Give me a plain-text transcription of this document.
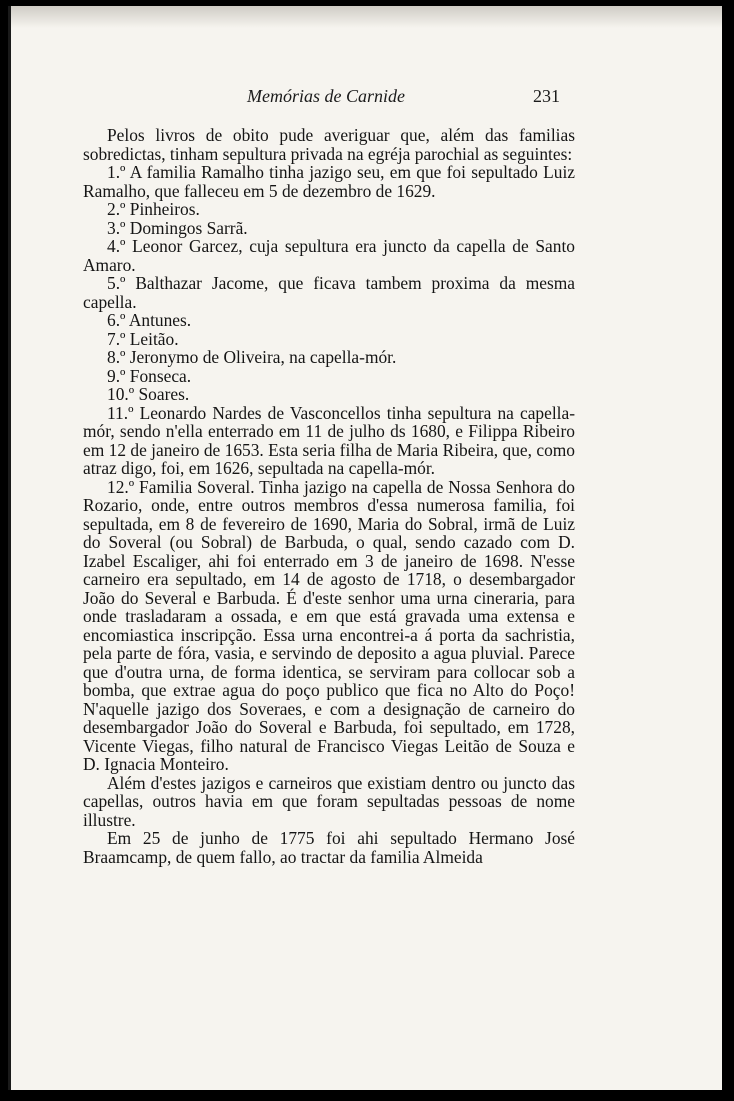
Memórias de Carnide	231

Pelos livros de obito pude averiguar que, além das familias sobredictas, tinham sepultura privada na egréja parochial as seguintes:

1.º A familia Ramalho tinha jazigo seu, em que foi sepultado Luiz Ramalho, que falleceu em 5 de dezembro de 1629.

2.º Pinheiros.

3.º Domingos Sarrã.

4.º Leonor Garcez, cuja sepultura era juncto da capella de Santo Amaro.

5.º Balthazar Jacome, que ficava tambem proxima da mesma capella.

6.º Antunes.

7.º Leitão.

8.º Jeronymo de Oliveira, na capella-mór.

9.º Fonseca.

10.º Soares.

11.º Leonardo Nardes de Vasconcellos tinha sepultura na capella-mór, sendo n'ella enterrado em 11 de julho ds 1680, e Filippa Ribeiro em 12 de janeiro de 1653. Esta seria filha de Maria Ribeira, que, como atraz digo, foi, em 1626, sepultada na capella-mór.

12.º Familia Soveral. Tinha jazigo na capella de Nossa Senhora do Rozario, onde, entre outros membros d'essa numerosa familia, foi sepultada, em 8 de fevereiro de 1690, Maria do Sobral, irmã de Luiz do Soveral (ou Sobral) de Barbuda, o qual, sendo cazado com D. Izabel Escaliger, ahi foi enterrado em 3 de janeiro de 1698. N'esse carneiro era sepultado, em 14 de agosto de 1718, o desembargador João do Several e Barbuda. É d'este senhor uma urna cineraria, para onde trasladaram a ossada, e em que está gravada uma extensa e encomiastica inscripção. Essa urna encontrei-a á porta da sachristia, pela parte de fóra, vasia, e servindo de deposito a agua pluvial. Parece que d'outra urna, de forma identica, se serviram para collocar sob a bomba, que extrae agua do poço publico que fica no Alto do Poço! N'aquelle jazigo dos Soveraes, e com a designação de carneiro do desembargador João do Soveral e Barbuda, foi sepultado, em 1728, Vicente Viegas, filho natural de Francisco Viegas Leitão de Souza e D. Ignacia Monteiro.

Além d'estes jazigos e carneiros que existiam dentro ou juncto das capellas, outros havia em que foram sepultadas pessoas de nome illustre.

Em 25 de junho de 1775 foi ahi sepultado Hermano José Braamcamp, de quem fallo, ao tractar da familia Almeida
